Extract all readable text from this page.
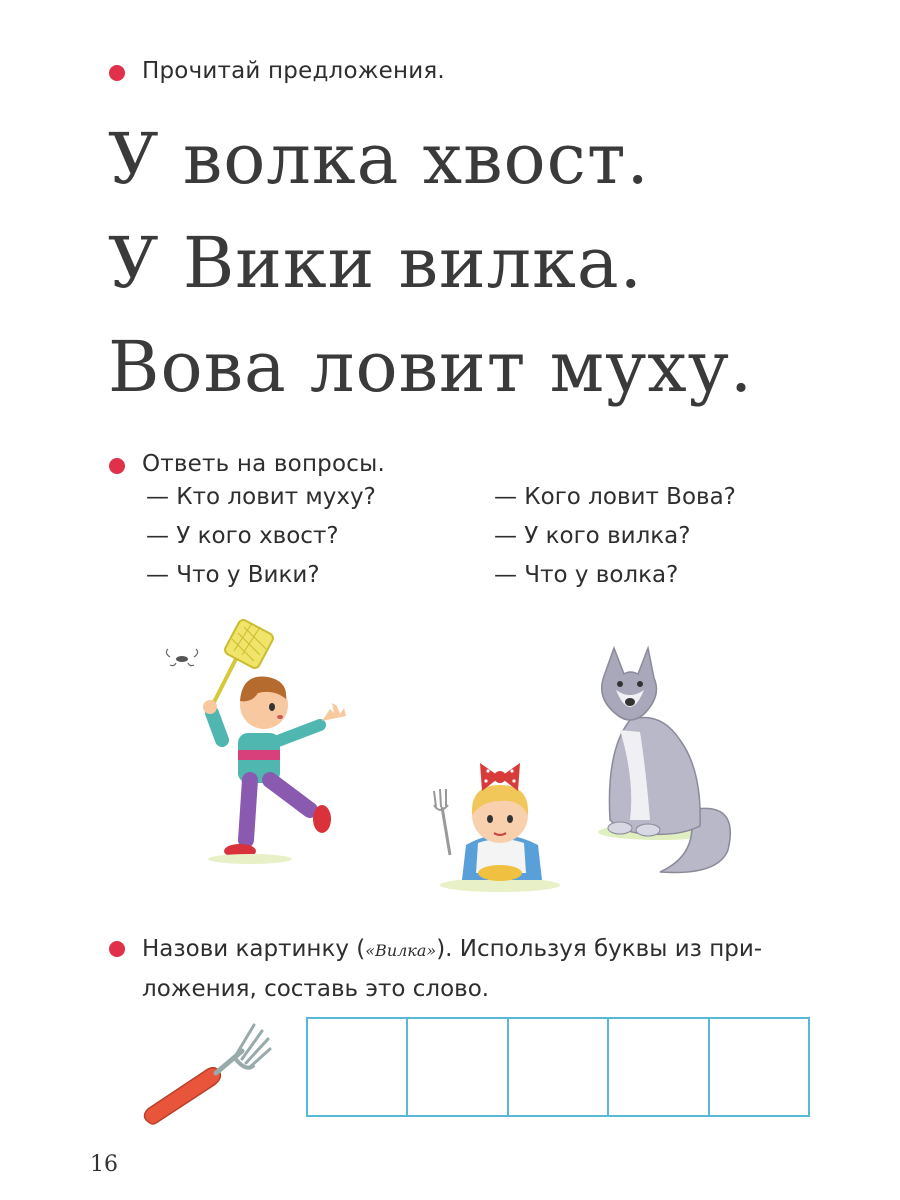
Прочитай предложения.
У волка хвост.
У Вики вилка.
Вова ловит муху.
Ответь на вопросы.
— Кто ловит муху?
— У кого хвост?
— Что у Вики?
— Кого ловит Вова?
— У кого вилка?
— Что у волка?
Назови картинку («Вилка»). Используя буквы из при-ложения, составь это слово.
16
